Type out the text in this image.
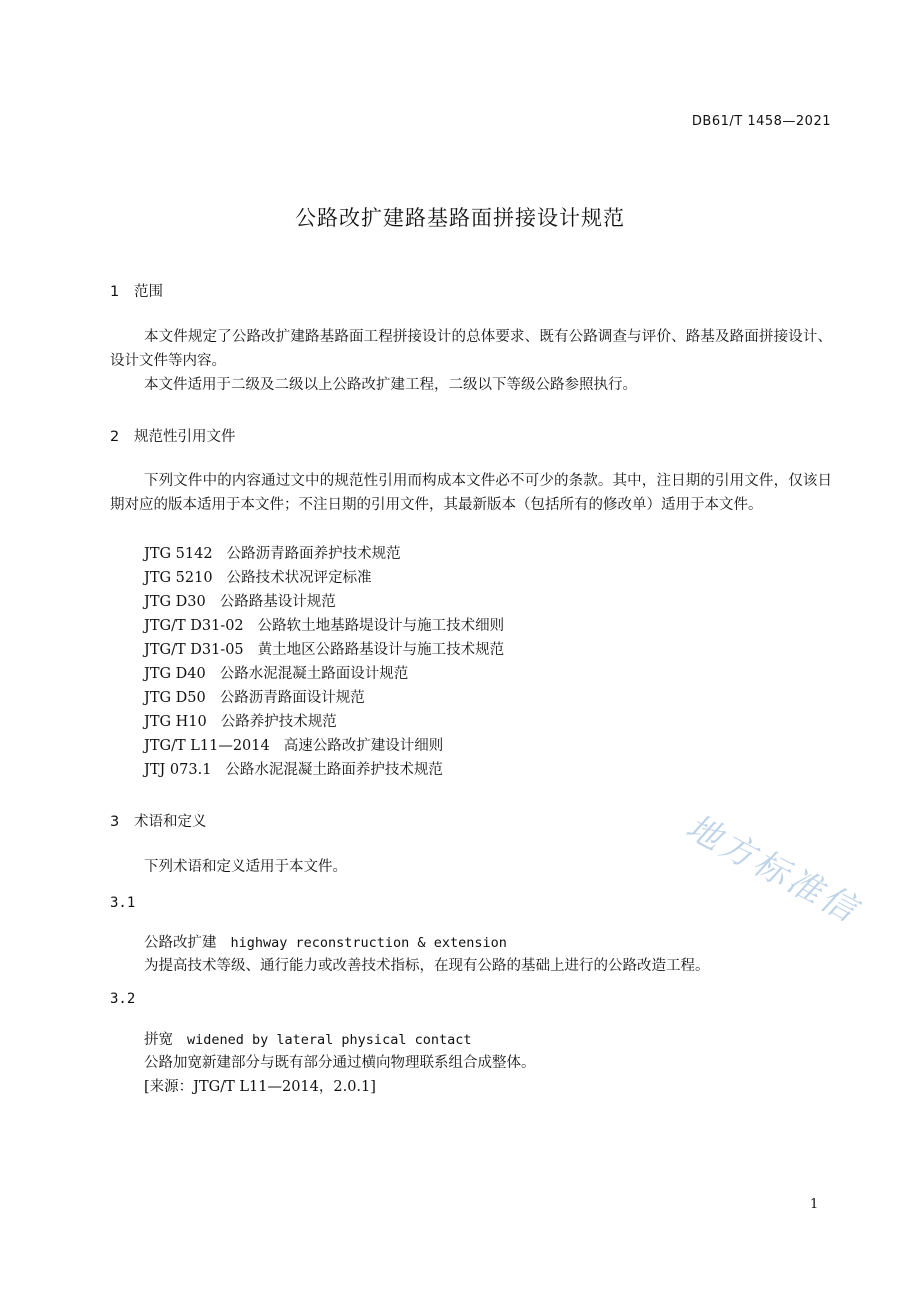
DB61/T 1458—2021
公路改扩建路基路面拼接设计规范
1 范围
本文件规定了公路改扩建路基路面工程拼接设计的总体要求、既有公路调查与评价、路基及路面拼接设计、设计文件等内容。
本文件适用于二级及二级以上公路改扩建工程，二级以下等级公路参照执行。
2 规范性引用文件
下列文件中的内容通过文中的规范性引用而构成本文件必不可少的条款。其中，注日期的引用文件，仅该日期对应的版本适用于本文件；不注日期的引用文件，其最新版本（包括所有的修改单）适用于本文件。
JTG 5142 公路沥青路面养护技术规范
JTG 5210 公路技术状况评定标准
JTG D30 公路路基设计规范
JTG/T D31-02 公路软土地基路堤设计与施工技术细则
JTG/T D31-05 黄土地区公路路基设计与施工技术规范
JTG D40 公路水泥混凝土路面设计规范
JTG D50 公路沥青路面设计规范
JTG H10 公路养护技术规范
JTG/T L11—2014 高速公路改扩建设计细则
JTJ 073.1 公路水泥混凝土路面养护技术规范
3 术语和定义
下列术语和定义适用于本文件。
3.1
公路改扩建 highway reconstruction & extension
为提高技术等级、通行能力或改善技术指标，在现有公路的基础上进行的公路改造工程。
3.2
拼宽 widened by lateral physical contact
公路加宽新建部分与既有部分通过横向物理联系组合成整体。
[来源：JTG/T L11—2014，2.0.1]
地方标准信
1
